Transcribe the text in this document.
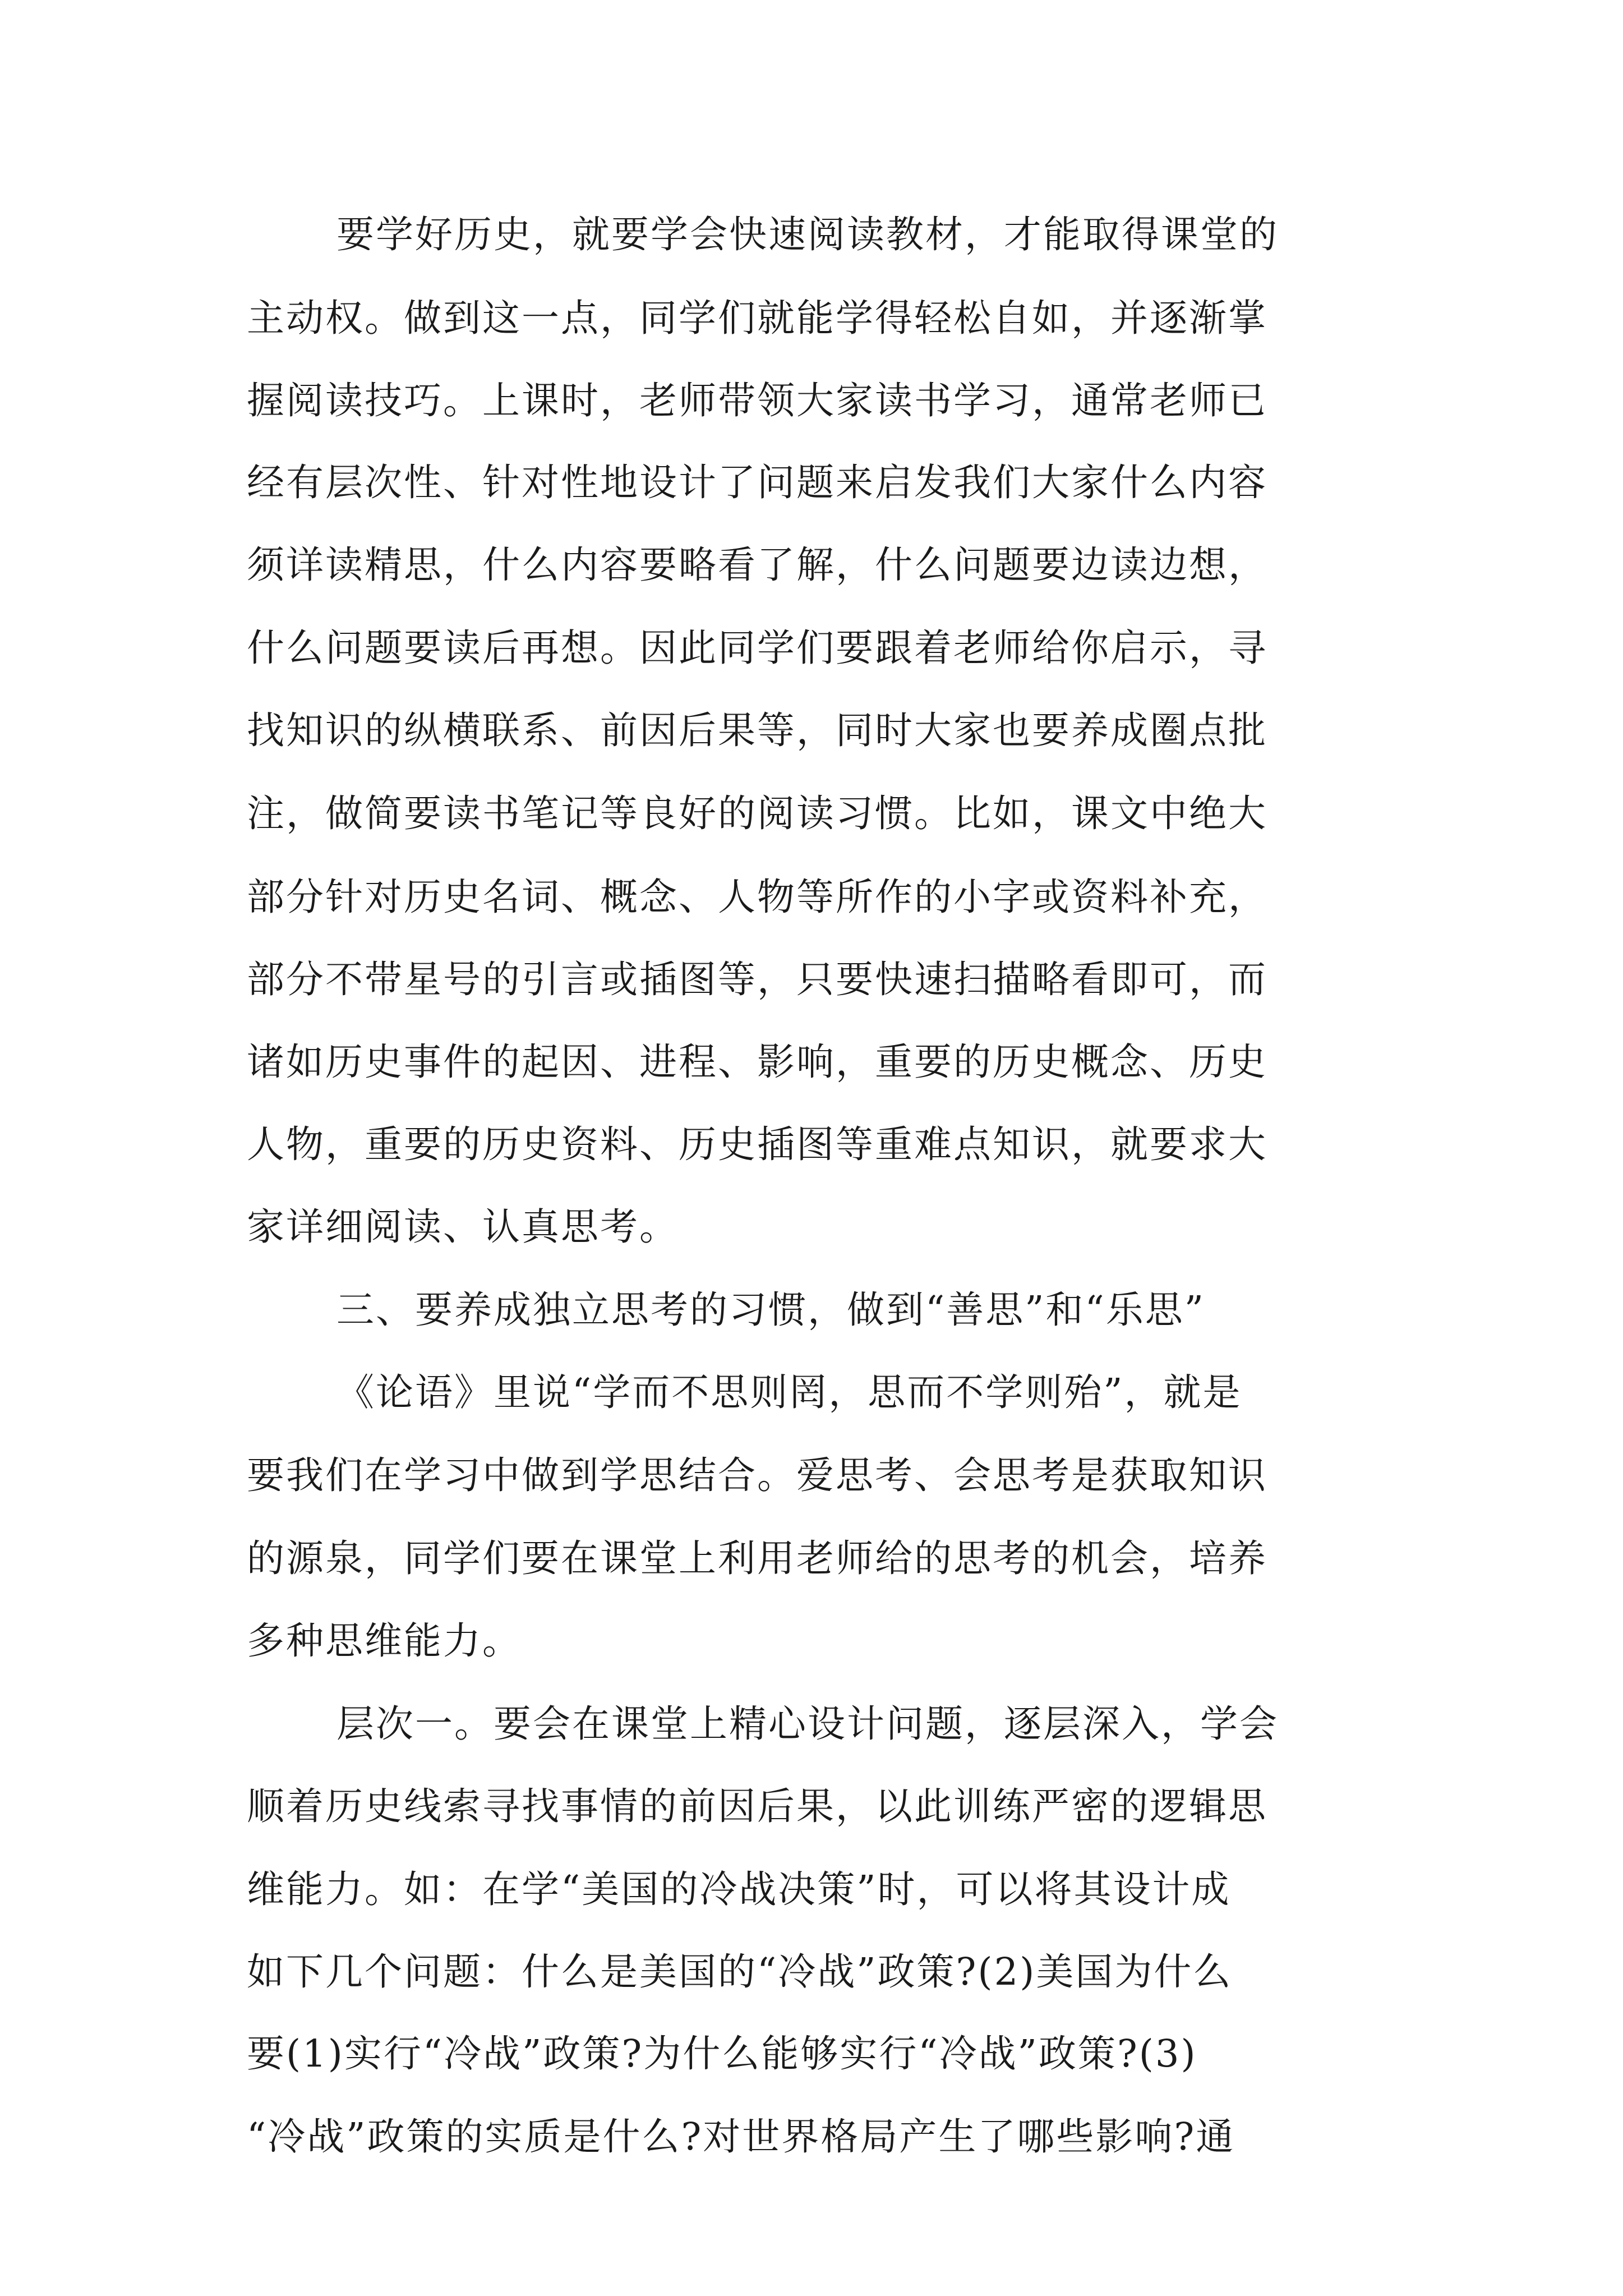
要学好历史，就要学会快速阅读教材，才能取得课堂的

主动权。做到这一点，同学们就能学得轻松自如，并逐渐掌

握阅读技巧。上课时，老师带领大家读书学习，通常老师已

经有层次性、针对性地设计了问题来启发我们大家什么内容

须详读精思，什么内容要略看了解，什么问题要边读边想，

什么问题要读后再想。因此同学们要跟着老师给你启示，寻

找知识的纵横联系、前因后果等，同时大家也要养成圈点批

注，做简要读书笔记等良好的阅读习惯。比如，课文中绝大

部分针对历史名词、概念、人物等所作的小字或资料补充，

部分不带星号的引言或插图等，只要快速扫描略看即可，而

诸如历史事件的起因、进程、影响，重要的历史概念、历史

人物，重要的历史资料、历史插图等重难点知识，就要求大

家详细阅读、认真思考。

三、要养成独立思考的习惯，做到“善思”和“乐思”

《论语》里说“学而不思则罔，思而不学则殆”，就是

要我们在学习中做到学思结合。爱思考、会思考是获取知识

的源泉，同学们要在课堂上利用老师给的思考的机会，培养

多种思维能力。

层次一。要会在课堂上精心设计问题，逐层深入，学会

顺着历史线索寻找事情的前因后果，以此训练严密的逻辑思

维能力。如：在学“美国的冷战决策”时，可以将其设计成

如下几个问题：什么是美国的“冷战”政策?(2)美国为什么

要(1)实行“冷战”政策?为什么能够实行“冷战”政策?(3)

“冷战”政策的实质是什么?对世界格局产生了哪些影响?通
